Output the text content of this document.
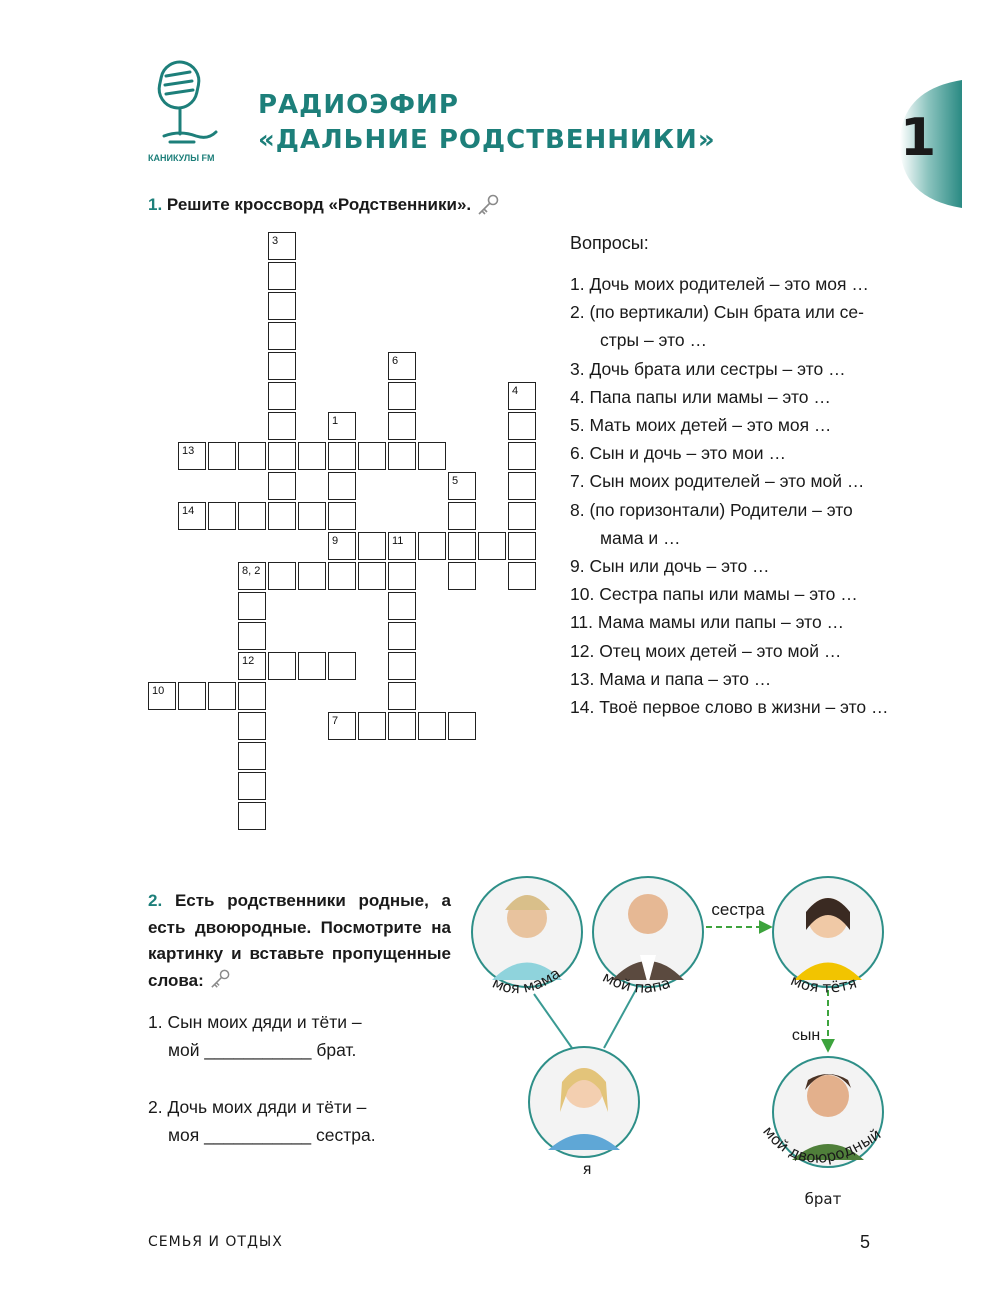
КАНИКУЛЫ FM
РАДИОЭФИР
«ДАЛЬНИЕ РОДСТВЕННИКИ»	1
1. Решите кроссворд «Родственники».
1
3
4
5
6
7
8, 2
9
10
11
12
13
14
Вопросы:
1. Дочь моих родителей – это моя …
2. (по вертикали) Сын брата или се-стры – это …
3. Дочь брата или сестры – это …
4. Папа папы или мамы – это …
5. Мать моих детей – это моя …
6. Сын и дочь – это мои …
7. Сын моих родителей – это мой …
8. (по горизонтали) Родители – это мама и …
9. Сын или дочь – это …
10. Сестра папы или мамы – это …
11. Мама мамы или папы – это …
12. Отец моих детей – это мой …
13. Мама и папа – это …
14. Твоё первое слово в жизни – это …
2. Есть родственники родные, а есть двоюродные. Посмотрите на картинку и вставьте пропущенные слова:
1. Сын моих дяди и тёти –
мой ___________ брат.
2. Дочь моих дяди и тёти –
моя ___________ сестра.
моя мама мой папа	моя тётя
мой двоюродный
брат
я
сестра
сын
СЕМЬЯ И ОТДЫХ	5
